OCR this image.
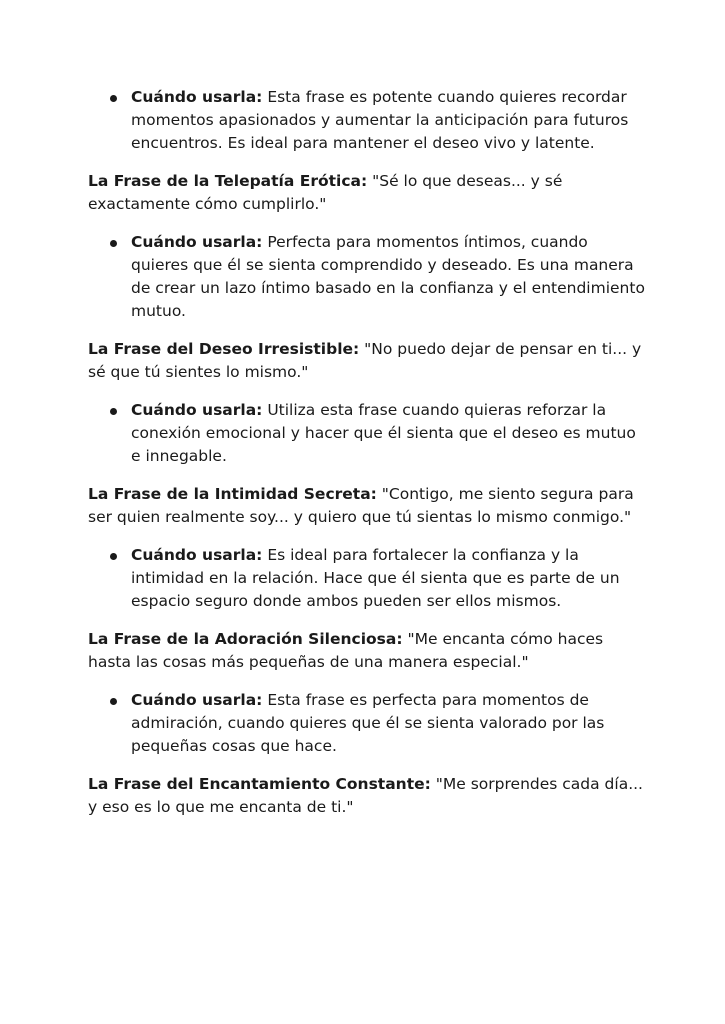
Cuándo usarla: Esta frase es potente cuando quieres recordar momentos apasionados y aumentar la anticipación para futuros encuentros. Es ideal para mantener el deseo vivo y latente.

La Frase de la Telepatía Erótica: "Sé lo que deseas... y sé exactamente cómo cumplirlo."

Cuándo usarla: Perfecta para momentos íntimos, cuando quieres que él se sienta comprendido y deseado. Es una manera de crear un lazo íntimo basado en la confianza y el entendimiento mutuo.

La Frase del Deseo Irresistible: "No puedo dejar de pensar en ti... y sé que tú sientes lo mismo."

Cuándo usarla: Utiliza esta frase cuando quieras reforzar la conexión emocional y hacer que él sienta que el deseo es mutuo e innegable.

La Frase de la Intimidad Secreta: "Contigo, me siento segura para ser quien realmente soy... y quiero que tú sientas lo mismo conmigo."

Cuándo usarla: Es ideal para fortalecer la confianza y la intimidad en la relación. Hace que él sienta que es parte de un espacio seguro donde ambos pueden ser ellos mismos.

La Frase de la Adoración Silenciosa: "Me encanta cómo haces hasta las cosas más pequeñas de una manera especial."

Cuándo usarla: Esta frase es perfecta para momentos de admiración, cuando quieres que él se sienta valorado por las pequeñas cosas que hace.

La Frase del Encantamiento Constante: "Me sorprendes cada día... y eso es lo que me encanta de ti."
